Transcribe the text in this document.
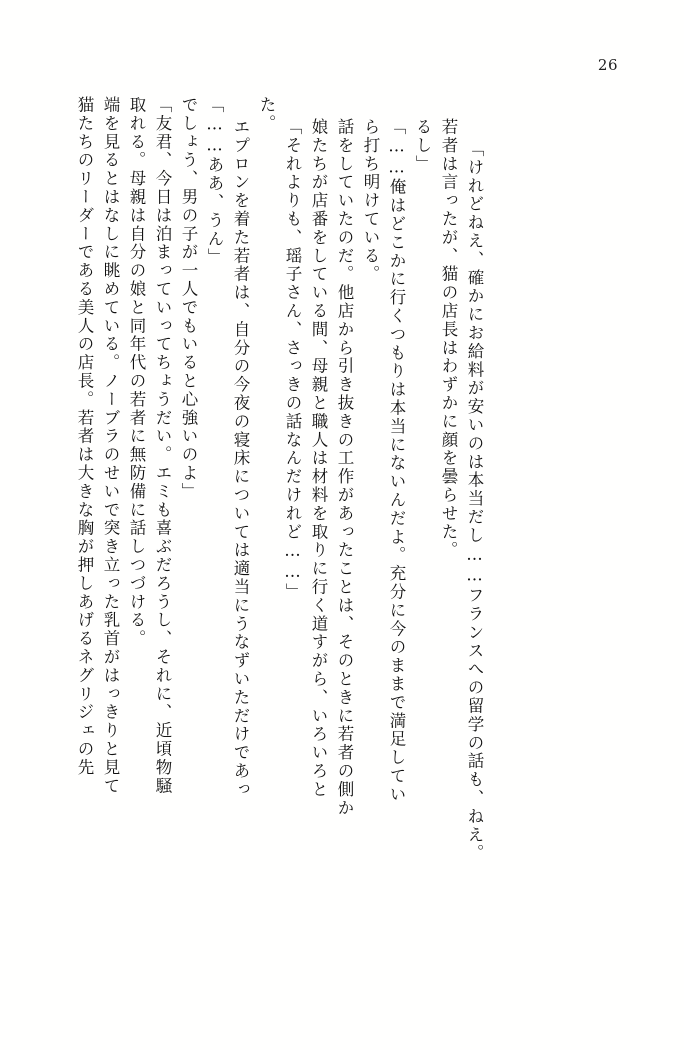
26
猫たちのリーダーである美人の店長。若者は大きな胸が押しあげるネグリジェの先 端を見るとはなしに眺めている。ノーブラのせいで突き立った乳首がはっきりと見て 取れる。母親は自分の娘と同年代の若者に無防備に話しつづける。 「友君、今日は泊まっていってちょうだい。エミも喜ぶだろうし、それに、近頃物騒 でしょう、男の子が一人でもいると心強いのよ」 「……ああ、うん」 エプロンを着た若者は、自分の今夜の寝床については適当にうなずいただけであっ
た。
「それよりも、瑶子さん、さっきの話なんだけれど……」 娘たちが店番をしている間、母親と職人は材料を取りに行く道すがら、いろいろと 話をしていたのだ。他店から引き抜きの工作があったことは、そのときに若者の側か ら打ち明けている。 「……俺はどこかに行くつもりは本当にないんだよ。充分に今のままで満足してい るし」 若者は言ったが、猫の店長はわずかに顔を曇らせた。 「けれどねえ、確かにお給料が安いのは本当だし……フランスへの留学の話も、ねえ。
